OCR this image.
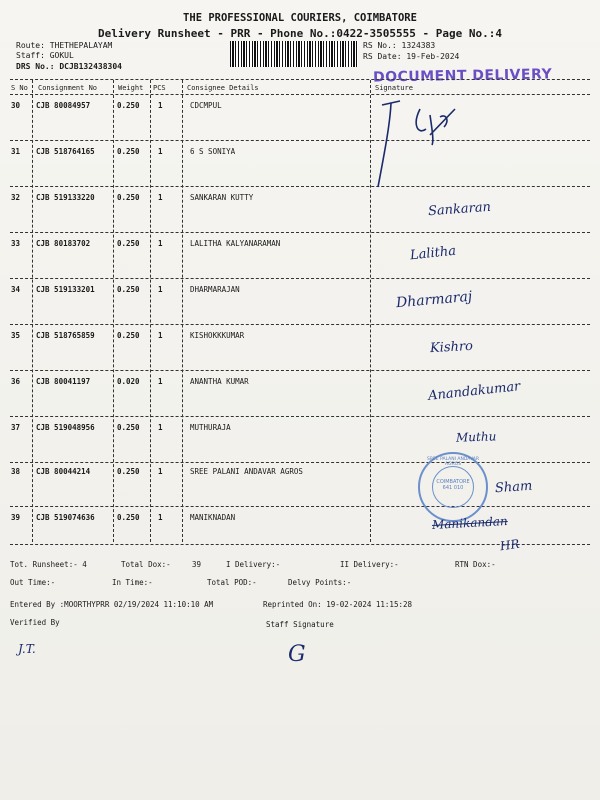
THE PROFESSIONAL COURIERS, COIMBATORE
Delivery Runsheet - PRR - Phone No.:0422-3505555 - Page No.:4
Route: THETHEPALAYAM
Staff: GOKUL
DRS No.: DCJB132438304
RS No.: 1324383
RS Date: 19-Feb-2024
DOCUMENT DELIVERY
S No Consignment No	Weight PCS	Consignee Details	Signature
30 CJB 80084957	0.250 1	CDCMPUL
31 CJB 518764165	0.250 1	6 S SONIYA
32 CJB 519133220	0.250 1	SANKARAN KUTTY
33 CJB 80183702	0.250 1	LALITHA KALYANARAMAN
34 CJB 519133201	0.250 1	DHARMARAJAN
35 CJB 518765859	0.250 1	KISHOKKKUMAR
36 CJB 80041197	0.020 1	ANANTHA KUMAR
37 CJB 519048956	0.250 1	MUTHURAJA
38 CJB 80044214	0.250 1	SREE PALANI ANDAVAR AGROS
39 CJB 519074636	0.250 1	MANIKNADAN
Sankaran
Lalitha
Dharmaraj
Kishro
Anandakumar
Muthu
SREE PALANI ANDAVAR AGROS
COIMBATORE
641 010	Sham
Manikandan
HR
Tot. Runsheet:- 4	Total Dox:-	39	I Delivery:-	II Delivery:-	RTN Dox:-
Out Time:-	In Time:-	Total POD:-	Delvy Points:-
Entered By :MOORTHYPRR 02/19/2024 11:10:10 AM	Reprinted On: 19-02-2024 11:15:28
Verified By	Staff Signature
J.T.	G
